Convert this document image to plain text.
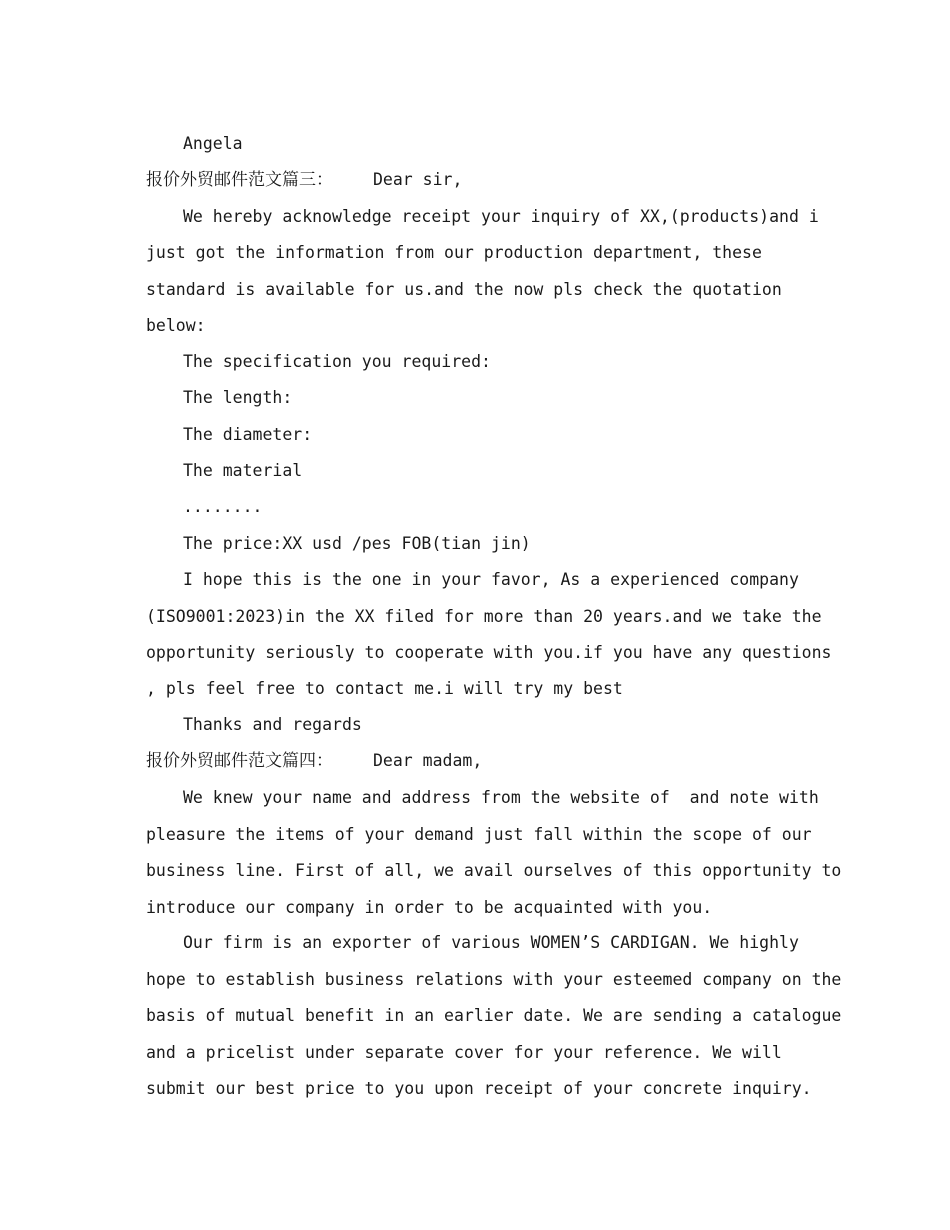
Angela
报价外贸邮件范文篇三： Dear sir,
We hereby acknowledge receipt your inquiry of XX,(products)and i
just got the information from our production department, these
standard is available for us.and the now pls check the quotation
below:
The specification you required:
The length:
The diameter:
The material
........
The price:XX usd /pes FOB(tian jin)
I hope this is the one in your favor, As a experienced company
(ISO9001:2023)in the XX filed for more than 20 years.and we take the
opportunity seriously to cooperate with you.if you have any questions
, pls feel free to contact me.i will try my best
Thanks and regards
报价外贸邮件范文篇四： Dear madam,
We knew your name and address from the website of  and note with
pleasure the items of your demand just fall within the scope of our
business line. First of all, we avail ourselves of this opportunity to
introduce our company in order to be acquainted with you.
Our firm is an exporter of various WOMEN’S CARDIGAN. We highly
hope to establish business relations with your esteemed company on the
basis of mutual benefit in an earlier date. We are sending a catalogue
and a pricelist under separate cover for your reference. We will
submit our best price to you upon receipt of your concrete inquiry.
